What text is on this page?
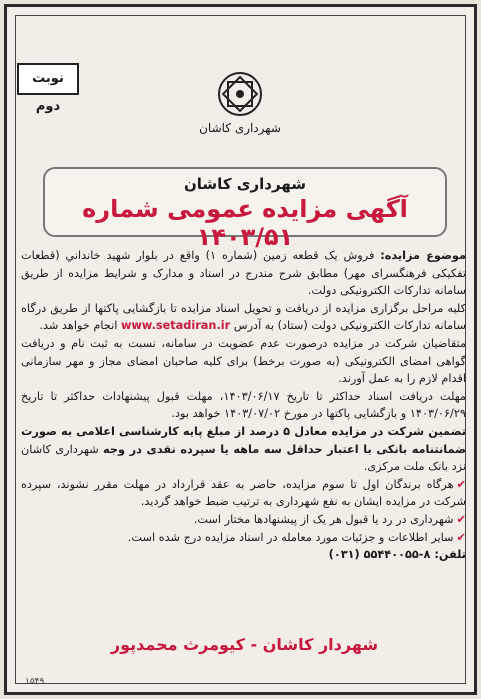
نوبت دوم
شهرداری کاشان
شهرداری کاشان
آگهی مزایده عمومی شماره ۱۴۰۳/۵۱

موضوع مزایده: فروش یک قطعه زمین (شماره ۱) واقع در بلوار شهید خانداني (قطعات تفکیکی فرهنگسرای مهر) مطابق شرح مندرج در اسناد و مدارک و شرایط مزایده از طریق سامانه تدارکات الکترونیکی دولت.

کلیه مراحل برگزاری مزایده از دریافت و تحویل اسناد مزایده تا بازگشایی پاکتها از طریق درگاه سامانه تدارکات الکترونیکی دولت (ستاد) به آدرس www.setadiran.ir انجام خواهد شد.

متقاضیان شرکت در مزایده درصورت عدم عضویت در سامانه، نسبت به ثبت نام و دریافت گواهی امضای الکترونیکی (به صورت برخط) برای کلیه صاحبان امضای مجاز و مهر سازمانی اقدام لازم را به عمل آورند.

مهلت دریافت اسناد حداکثر تا تاریخ ۱۴۰۳/۰۶/۱۷، مهلت قبول پیشنهادات حداکثر تا تاریخ ۱۴۰۳/۰۶/۲۹ و بازگشایی پاکتها در مورخ ۱۴۰۳/۰۷/۰۲ خواهد بود.

تضمین شرکت در مزایده معادل ۵ درصد از مبلغ پایه کارشناسی اعلامی به صورت ضمانتنامه بانکی با اعتبار حداقل سه ماهه یا سپرده نقدی در وجه شهرداری کاشان نزد بانک ملت مرکزی.

✔هرگاه برندگان اول تا سوم مزایده، حاضر به عقد قرارداد در مهلت مقرر نشوند، سپرده شرکت در مزایده ایشان به نفع شهرداری به ترتیب ضبط خواهد گردید.

✔شهرداری در رد یا قبول هر یک از پیشنهادها مختار است.

✔سایر اطلاعات و جزئیات مورد معامله در اسناد مزایده درج شده است.

تلفن: ۸-۵۵۴۴۰۰۵۵ (۰۳۱)

شهردار کاشان - کیومرث محمدپور
۱۵۴۹
